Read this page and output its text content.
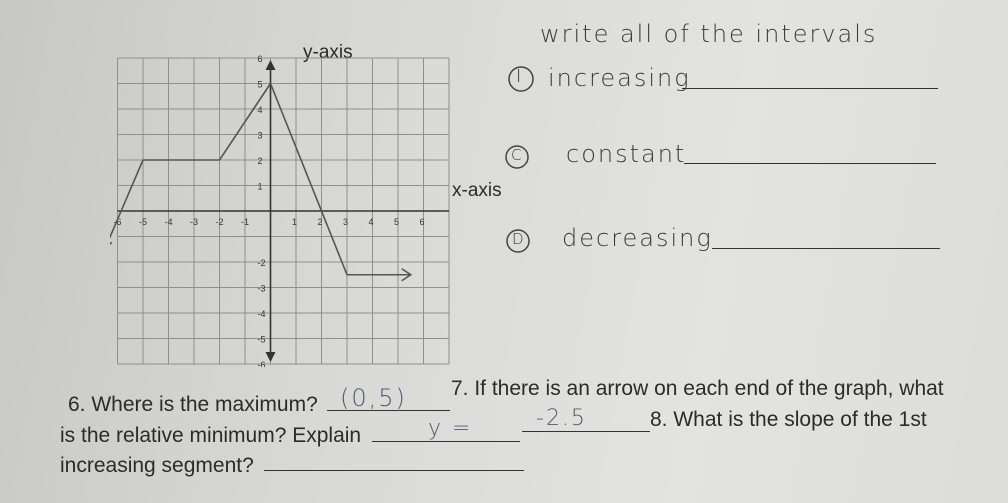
y-axis
x-axis
-6 -5 -4 -3 -2 -1	1 2 3 4 5 6
6
5
4
3
2
1
-2
-3
-4
-5
-6
write all of the intervals
I increasing
C constant
D decreasing
6. Where is the maximum? (0,5) 7. If there is an arrow on each end of the graph, what
is the relative minimum? Explain	y =	-2.5	8. What is the slope of the 1st
increasing segment?
